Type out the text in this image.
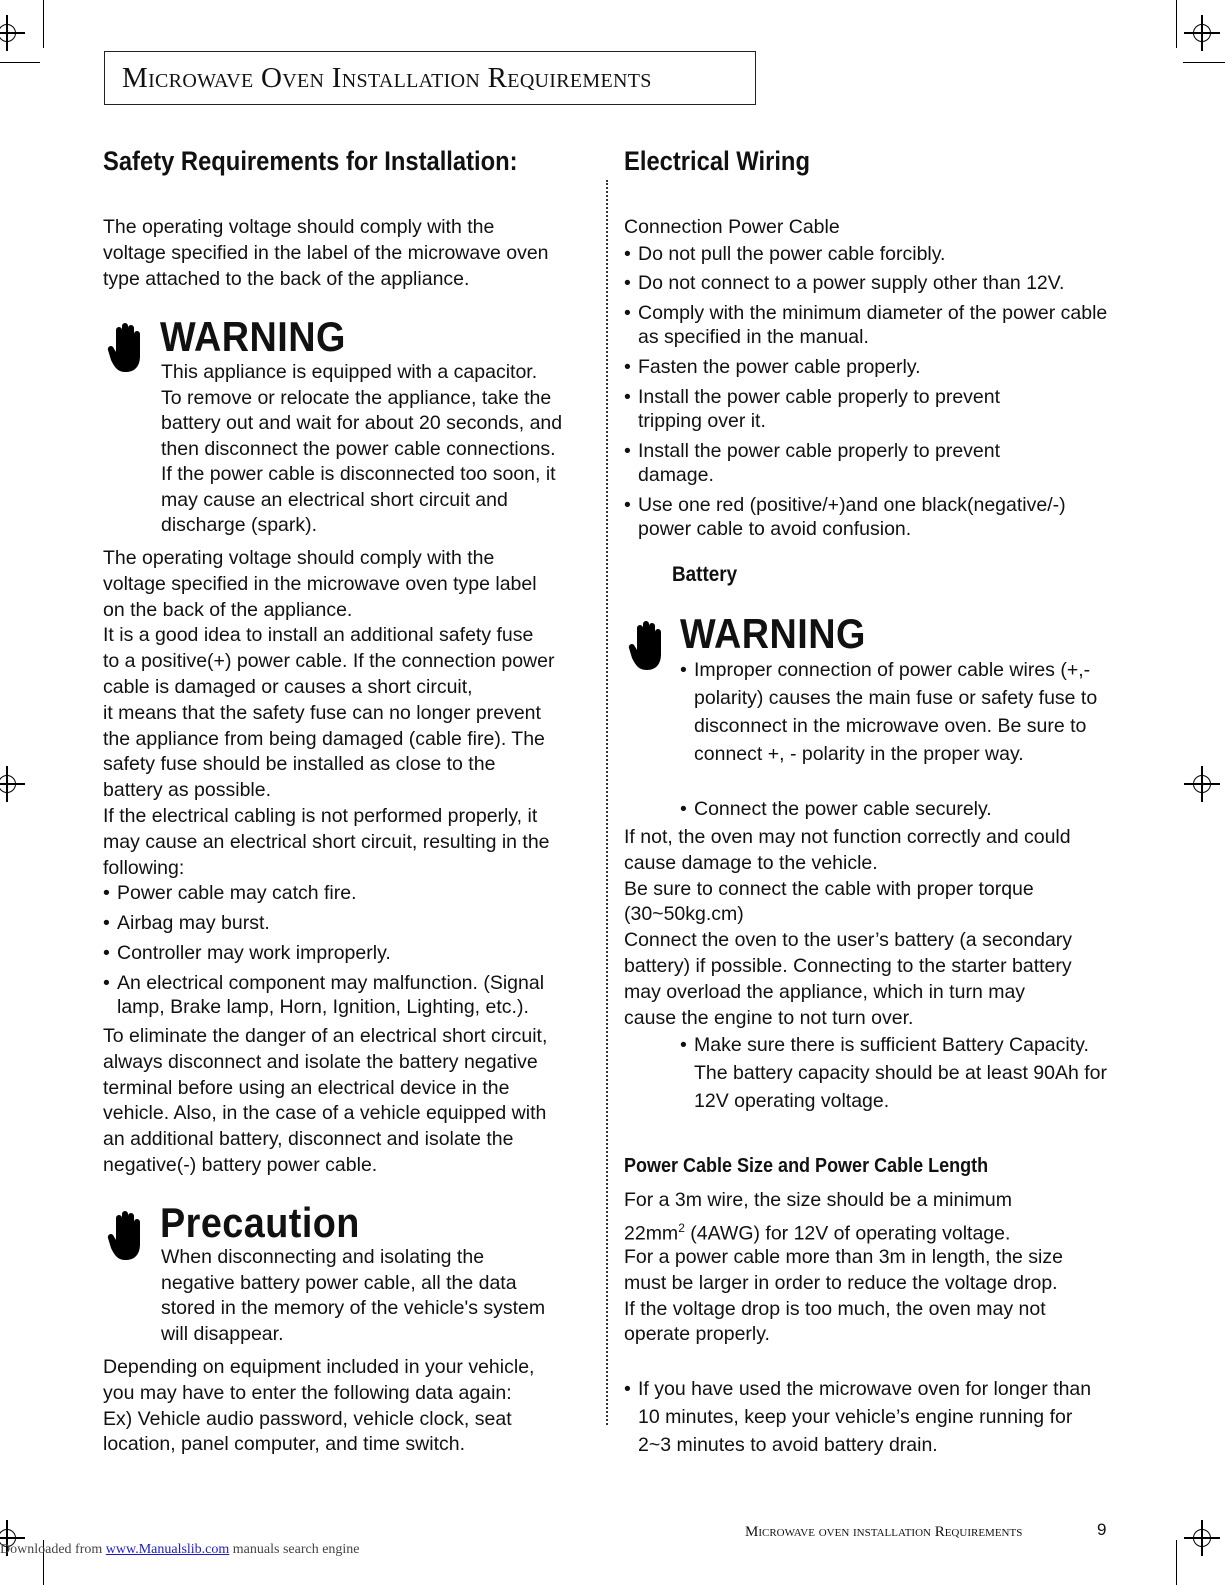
Microwave Oven Installation Requirements
Safety Requirements for Installation:
The operating voltage should comply with the
voltage specified in the label of the microwave oven
type attached to the back of the appliance.
WARNING
This appliance is equipped with a capacitor.
To remove or relocate the appliance, take the
battery out and wait for about 20 seconds, and
then disconnect the power cable connections.
If the power cable is disconnected too soon, it
may cause an electrical short circuit and
discharge (spark).
The operating voltage should comply with the
voltage specified in the microwave oven type label
on the back of the appliance.
It is a good idea to install an additional safety fuse
to a positive(+) power cable. If the connection power
cable is damaged or causes a short circuit,
it means that the safety fuse can no longer prevent
the appliance from being damaged (cable fire). The
safety fuse should be installed as close to the
battery as possible.
If the electrical cabling is not performed properly, it
may cause an electrical short circuit, resulting in the
following:
• Power cable may catch fire.
• Airbag may burst.
• Controller may work improperly.
• An electrical component may malfunction. (Signal lamp, Brake lamp, Horn, Ignition, Lighting, etc.).
To eliminate the danger of an electrical short circuit,
always disconnect and isolate the battery negative
terminal before using an electrical device in the
vehicle. Also, in the case of a vehicle equipped with
an additional battery, disconnect and isolate the
negative(-) battery power cable.
Precaution
When disconnecting and isolating the
negative battery power cable, all the data
stored in the memory of the vehicle's system
will disappear.
Depending on equipment included in your vehicle,
you may have to enter the following data again:
Ex) Vehicle audio password, vehicle clock, seat
location, panel computer, and time switch.
Electrical Wiring
Connection Power Cable
• Do not pull the power cable forcibly.
• Do not connect to a power supply other than 12V.
• Comply with the minimum diameter of the power cable as specified in the manual.
• Fasten the power cable properly.
• Install the power cable properly to prevent tripping over it.
• Install the power cable properly to prevent damage.
• Use one red (positive/+)and one black(negative/-) power cable to avoid confusion.
Battery
WARNING
• Improper connection of power cable wires (+,- polarity) causes the main fuse or safety fuse to disconnect in the microwave oven. Be sure to connect +, - polarity in the proper way.
• Connect the power cable securely.
If not, the oven may not function correctly and could
cause damage to the vehicle.
Be sure to connect the cable with proper torque
(30~50kg.cm)
Connect the oven to the user’s battery (a secondary
battery) if possible. Connecting to the starter battery
may overload the appliance, which in turn may
cause the engine to not turn over.
• Make sure there is sufficient Battery Capacity. The battery capacity should be at least 90Ah for 12V operating voltage.
Power Cable Size and Power Cable Length
For a 3m wire, the size should be a minimum
$22mm^2$ (4AWG) for 12V of operating voltage.
For a power cable more than 3m in length, the size
must be larger in order to reduce the voltage drop.
If the voltage drop is too much, the oven may not
operate properly.
• If you have used the microwave oven for longer than 10 minutes, keep your vehicle’s engine running for 2~3 minutes to avoid battery drain.
Microwave oven installation Requirements	9
Downloaded from www.Manualslib.com manuals search engine
